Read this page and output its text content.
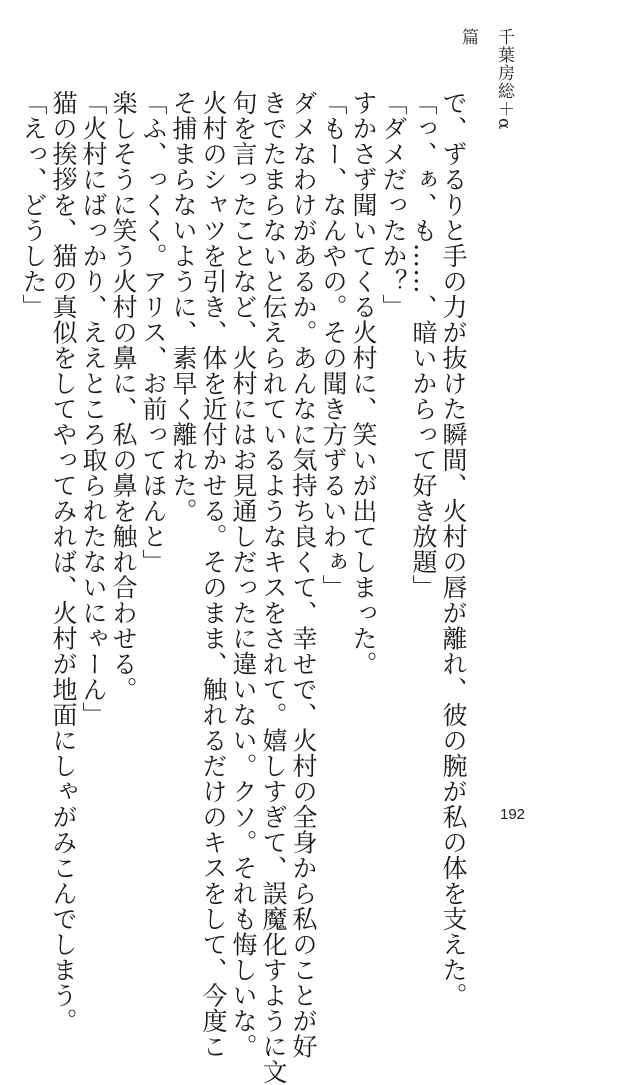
千葉房総＋α篇

で、ずるりと手の力が抜けた瞬間、火村の唇が離れ、彼の腕が私の体を支えた。

「っ、ぁ、も……、暗いからって好き放題」

「ダメだったか？」

すかさず聞いてくる火村に、笑いが出てしまった。

「もー、なんやの。その聞き方ずるいわぁ」

ダメなわけがあるか。あんなに気持ち良くて、幸せで、火村の全身から私のことが好

きでたまらないと伝えられているようなキスをされて。嬉しすぎて、誤魔化すように文

句を言ったことなど、火村にはお見通しだったに違いない。クソ。それも悔しいな。

火村のシャツを引き、体を近付かせる。そのまま、触れるだけのキスをして、今度こ

そ捕まらないように、素早く離れた。

「ふ、っくく。アリス、お前ってほんと」

楽しそうに笑う火村の鼻に、私の鼻を触れ合わせる。

「火村にばっかり、ええところ取られたないにゃーん」

猫の挨拶を、猫の真似をしてやってみれば、火村が地面にしゃがみこんでしまう。

「えっ、どうした」

192
